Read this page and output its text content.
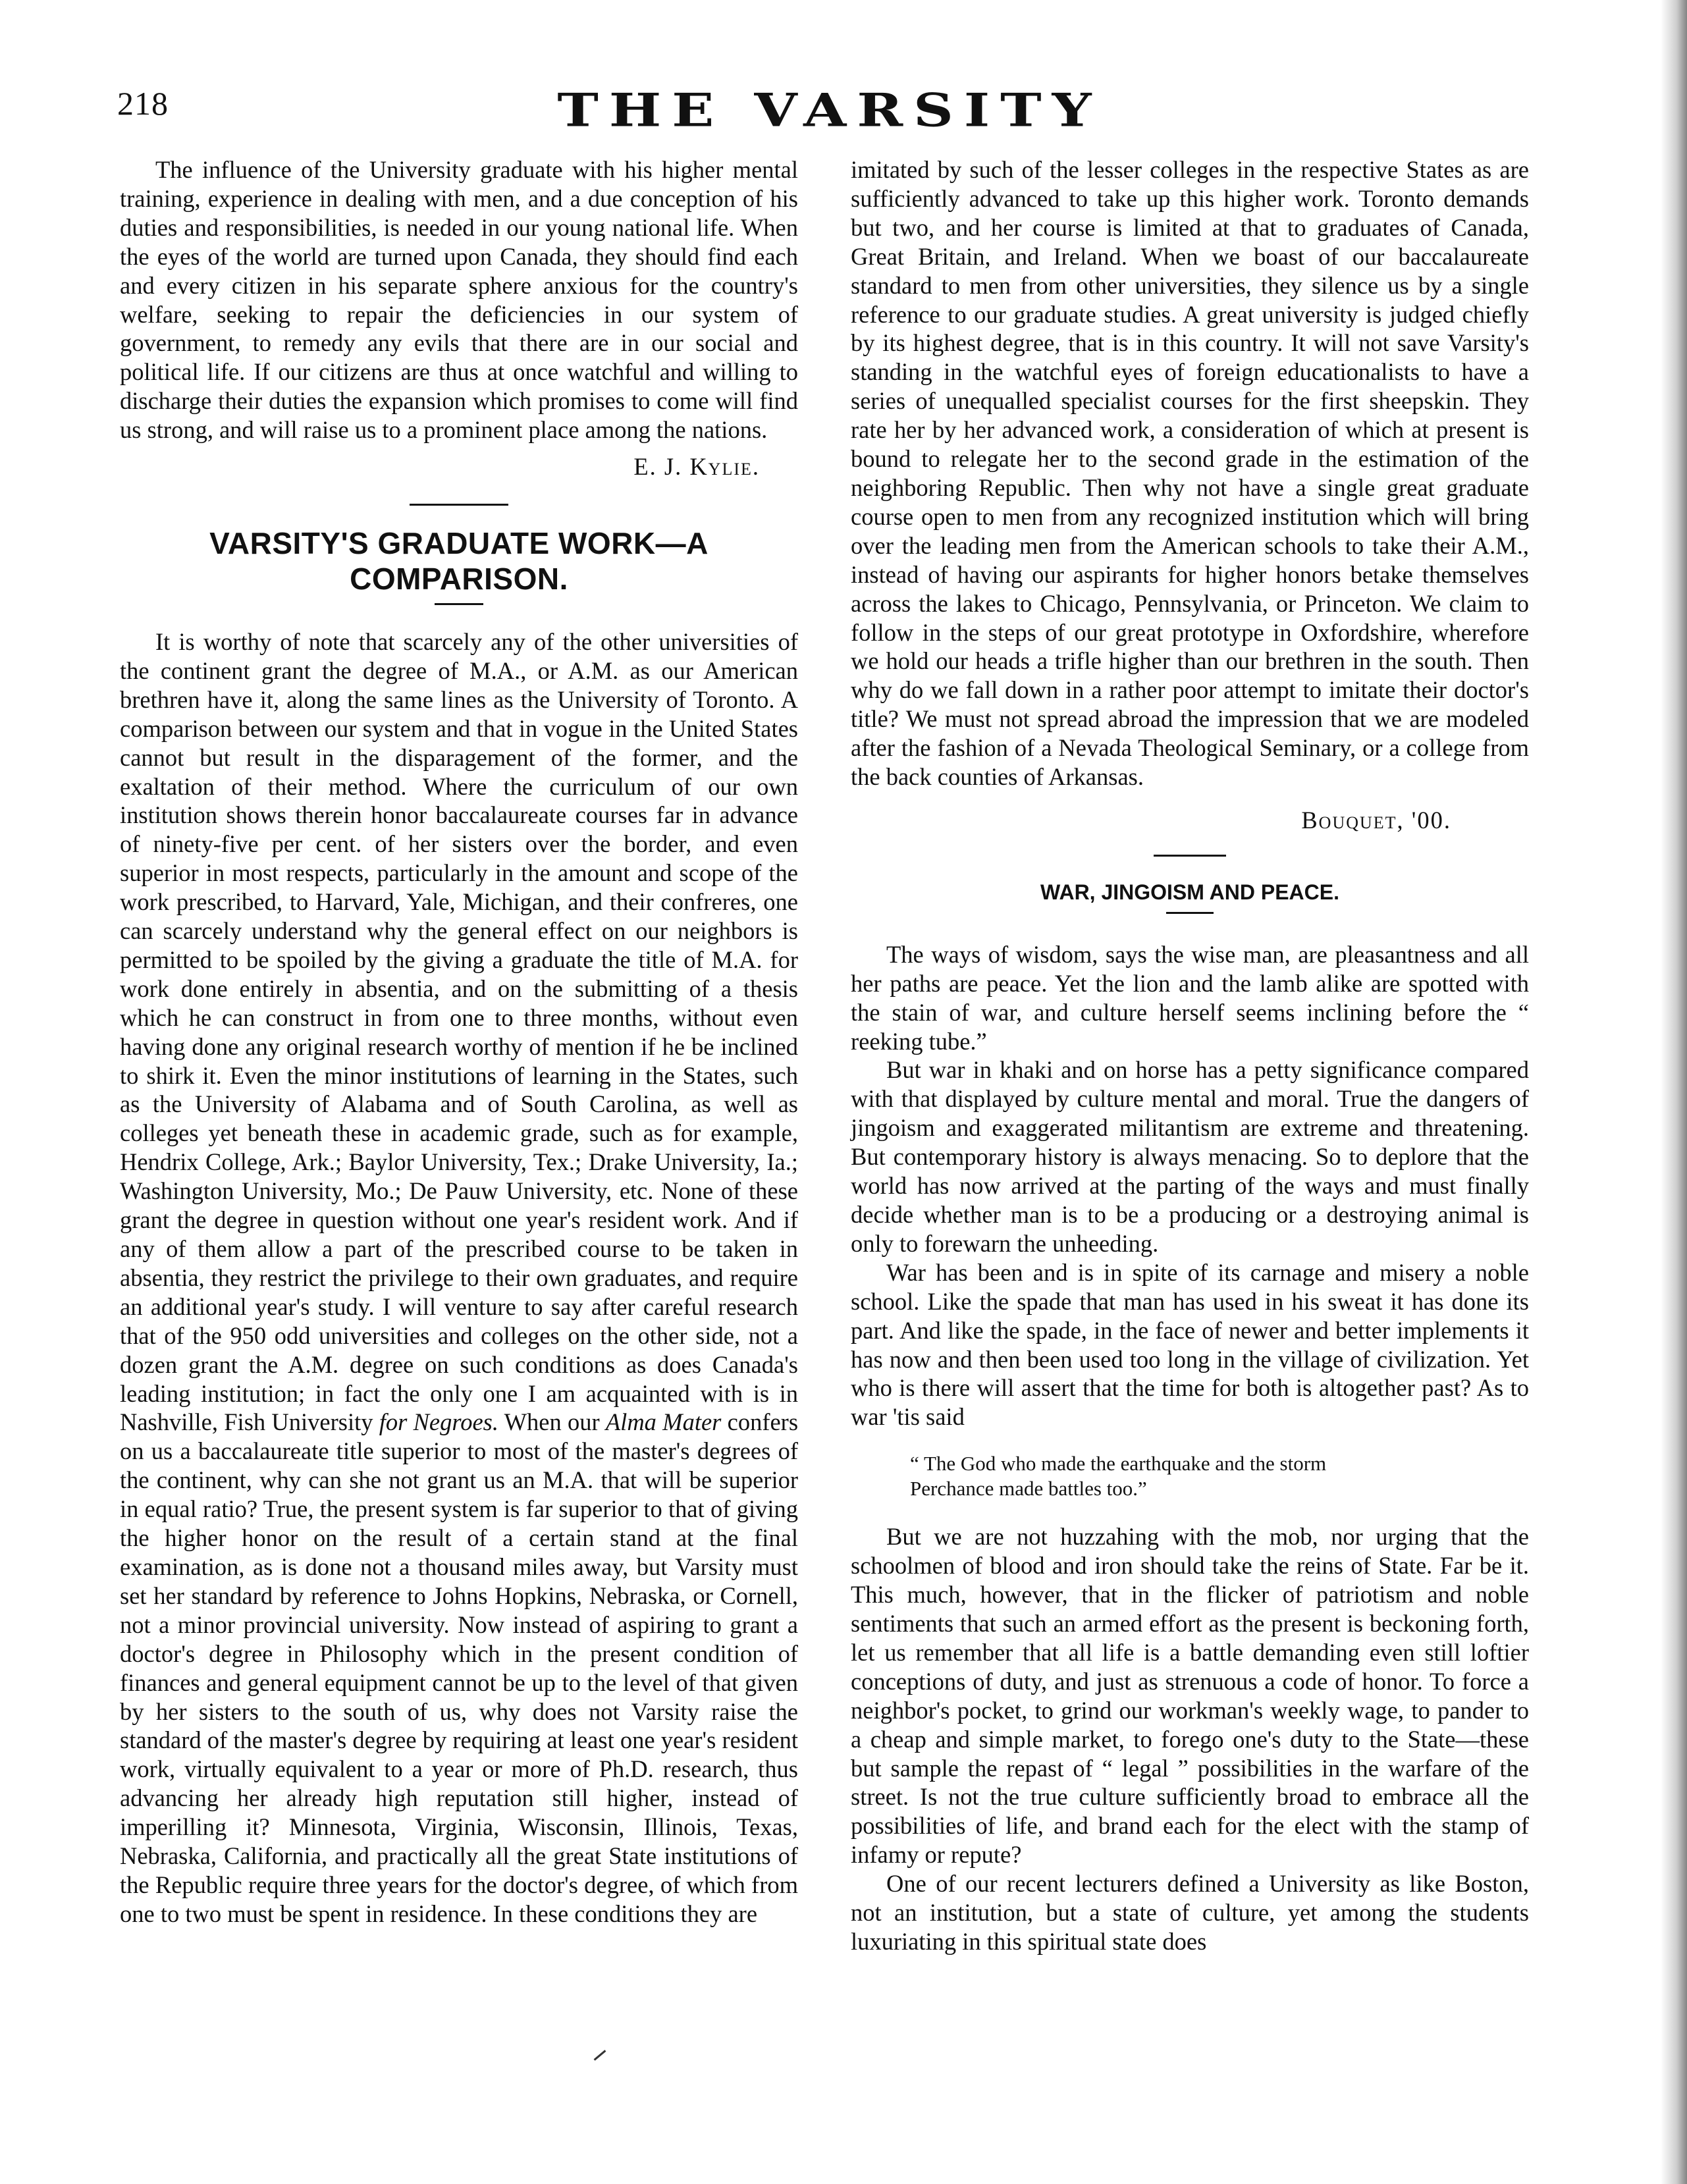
218	THE VARSITY

The influence of the University graduate with his higher mental training, experience in dealing with men, and a due conception of his duties and responsibilities, is needed in our young national life. When the eyes of the world are turned upon Canada, they should find each and every citizen in his separate sphere anxious for the country's welfare, seeking to repair the deficiencies in our system of government, to remedy any evils that there are in our social and political life. If our citizens are thus at once watchful and willing to discharge their duties the expansion which promises to come will find us strong, and will raise us to a prominent place among the nations.

E. J. Kylie.
VARSITY'S GRADUATE WORK—A COMPARISON.

It is worthy of note that scarcely any of the other universities of the continent grant the degree of M.A., or A.M. as our American brethren have it, along the same lines as the University of Toronto. A comparison between our system and that in vogue in the United States cannot but result in the disparagement of the former, and the exaltation of their method. Where the curriculum of our own institution shows therein honor baccalaureate courses far in advance of ninety-five per cent. of her sisters over the border, and even superior in most respects, particularly in the amount and scope of the work prescribed, to Harvard, Yale, Michigan, and their confreres, one can scarcely understand why the general effect on our neighbors is permitted to be spoiled by the giving a graduate the title of M.A. for work done entirely in absentia, and on the submitting of a thesis which he can construct in from one to three months, without even having done any original research worthy of mention if he be inclined to shirk it. Even the minor institutions of learning in the States, such as the University of Alabama and of South Carolina, as well as colleges yet beneath these in academic grade, such as for example, Hendrix College, Ark.; Baylor University, Tex.; Drake University, Ia.; Washington University, Mo.; De Pauw University, etc. None of these grant the degree in question without one year's resident work. And if any of them allow a part of the prescribed course to be taken in absentia, they restrict the privilege to their own graduates, and require an additional year's study. I will venture to say after careful research that of the 950 odd universities and colleges on the other side, not a dozen grant the A.M. degree on such conditions as does Canada's leading institution; in fact the only one I am acquainted with is in Nashville, Fish University for Negroes. When our Alma Mater confers on us a baccalaureate title superior to most of the master's degrees of the continent, why can she not grant us an M.A. that will be superior in equal ratio? True, the present system is far superior to that of giving the higher honor on the result of a certain stand at the final examination, as is done not a thousand miles away, but Varsity must set her standard by reference to Johns Hopkins, Nebraska, or Cornell, not a minor provincial university. Now instead of aspiring to grant a doctor's degree in Philosophy which in the present condition of finances and general equipment cannot be up to the level of that given by her sisters to the south of us, why does not Varsity raise the standard of the master's degree by requiring at least one year's resident work, virtually equivalent to a year or more of Ph.D. research, thus advancing her already high reputation still higher, instead of imperilling it? Minnesota, Virginia, Wisconsin, Illinois, Texas, Nebraska, California, and practically all the great State institutions of the Republic require three years for the doctor's degree, of which from one to two must be spent in residence. In these conditions they are

imitated by such of the lesser colleges in the respective States as are sufficiently advanced to take up this higher work. Toronto demands but two, and her course is limited at that to graduates of Canada, Great Britain, and Ireland. When we boast of our baccalaureate standard to men from other universities, they silence us by a single reference to our graduate studies. A great university is judged chiefly by its highest degree, that is in this country. It will not save Varsity's standing in the watchful eyes of foreign educationalists to have a series of unequalled specialist courses for the first sheepskin. They rate her by her advanced work, a consideration of which at present is bound to relegate her to the second grade in the estimation of the neighboring Republic. Then why not have a single great graduate course open to men from any recognized institution which will bring over the leading men from the American schools to take their A.M., instead of having our aspirants for higher honors betake themselves across the lakes to Chicago, Pennsylvania, or Princeton. We claim to follow in the steps of our great prototype in Oxfordshire, wherefore we hold our heads a trifle higher than our brethren in the south. Then why do we fall down in a rather poor attempt to imitate their doctor's title? We must not spread abroad the impression that we are modeled after the fashion of a Nevada Theological Seminary, or a college from the back counties of Arkansas.

Bouquet, '00.
WAR, JINGOISM AND PEACE.

The ways of wisdom, says the wise man, are pleasantness and all her paths are peace. Yet the lion and the lamb alike are spotted with the stain of war, and culture herself seems inclining before the “ reeking tube.”

But war in khaki and on horse has a petty significance compared with that displayed by culture mental and moral. True the dangers of jingoism and exaggerated militantism are extreme and threatening. But contemporary history is always menacing. So to deplore that the world has now arrived at the parting of the ways and must finally decide whether man is to be a producing or a destroying animal is only to forewarn the unheeding.

War has been and is in spite of its carnage and misery a noble school. Like the spade that man has used in his sweat it has done its part. And like the spade, in the face of newer and better implements it has now and then been used too long in the village of civilization. Yet who is there will assert that the time for both is altogether past? As to war 'tis said

“ The God who made the earthquake and the storm
Perchance made battles too.”

But we are not huzzahing with the mob, nor urging that the schoolmen of blood and iron should take the reins of State. Far be it. This much, however, that in the flicker of patriotism and noble sentiments that such an armed effort as the present is beckoning forth, let us remember that all life is a battle demanding even still loftier conceptions of duty, and just as strenuous a code of honor. To force a neighbor's pocket, to grind our workman's weekly wage, to pander to a cheap and simple market, to forego one's duty to the State—these but sample the repast of “ legal ” possibilities in the warfare of the street. Is not the true culture sufficiently broad to embrace all the possibilities of life, and brand each for the elect with the stamp of infamy or repute?

One of our recent lecturers defined a University as like Boston, not an institution, but a state of culture, yet among the students luxuriating in this spiritual state does
